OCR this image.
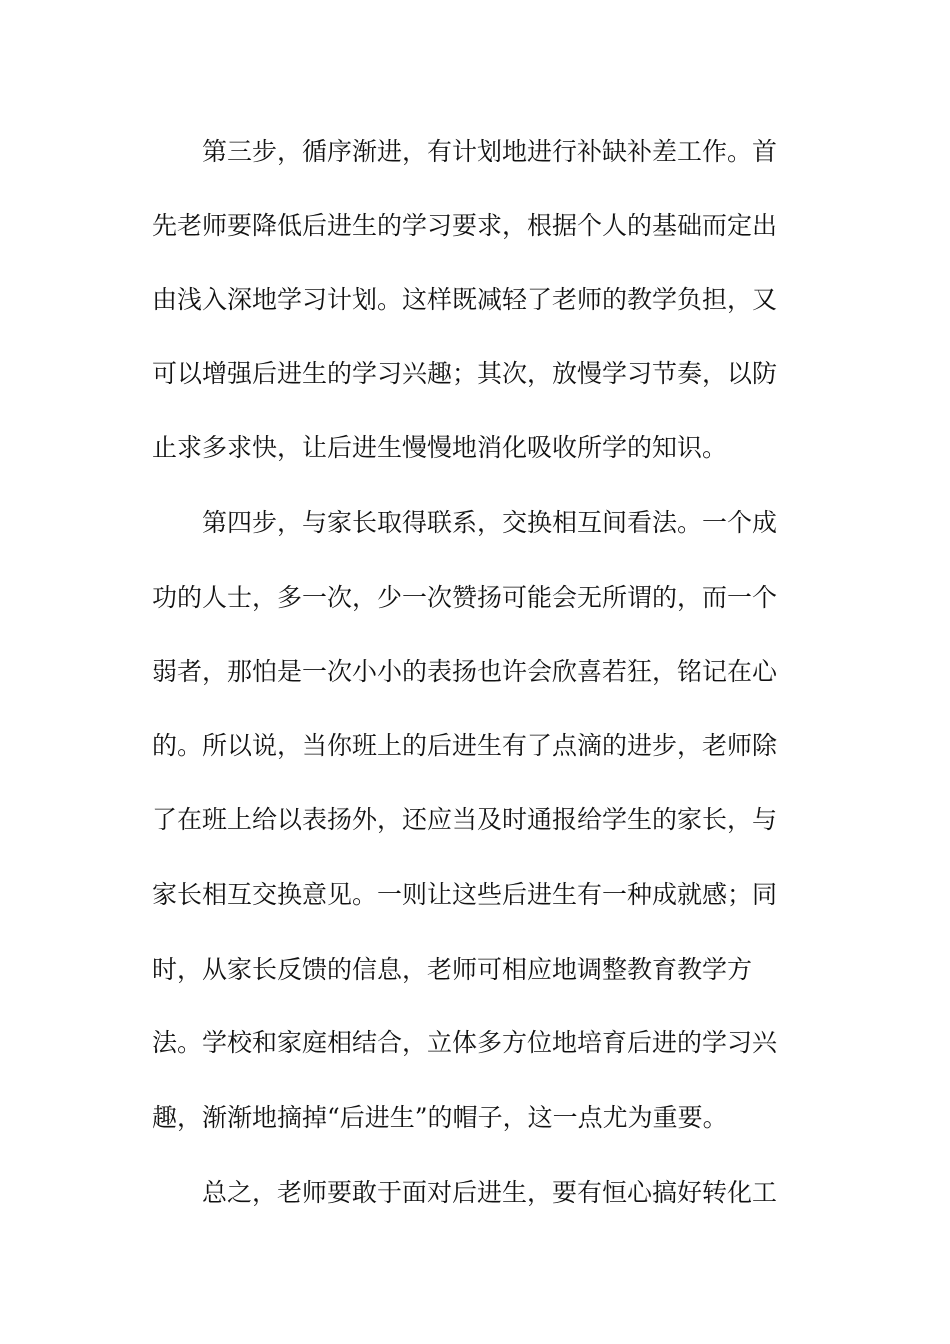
第三步，循序渐进，有计划地进行补缺补差工作。首
先老师要降低后进生的学习要求，根据个人的基础而定出
由浅入深地学习计划。这样既减轻了老师的教学负担，又
可以增强后进生的学习兴趣；其次，放慢学习节奏，以防
止求多求快，让后进生慢慢地消化吸收所学的知识。
第四步，与家长取得联系，交换相互间看法。一个成
功的人士，多一次，少一次赞扬可能会无所谓的，而一个
弱者，那怕是一次小小的表扬也许会欣喜若狂，铭记在心
的。所以说，当你班上的后进生有了点滴的进步，老师除
了在班上给以表扬外，还应当及时通报给学生的家长，与
家长相互交换意见。一则让这些后进生有一种成就感；同
时，从家长反馈的信息，老师可相应地调整教育教学方
法。学校和家庭相结合，立体多方位地培育后进的学习兴
趣，渐渐地摘掉“后进生”的帽子，这一点尤为重要。
总之，老师要敢于面对后进生，要有恒心搞好转化工
